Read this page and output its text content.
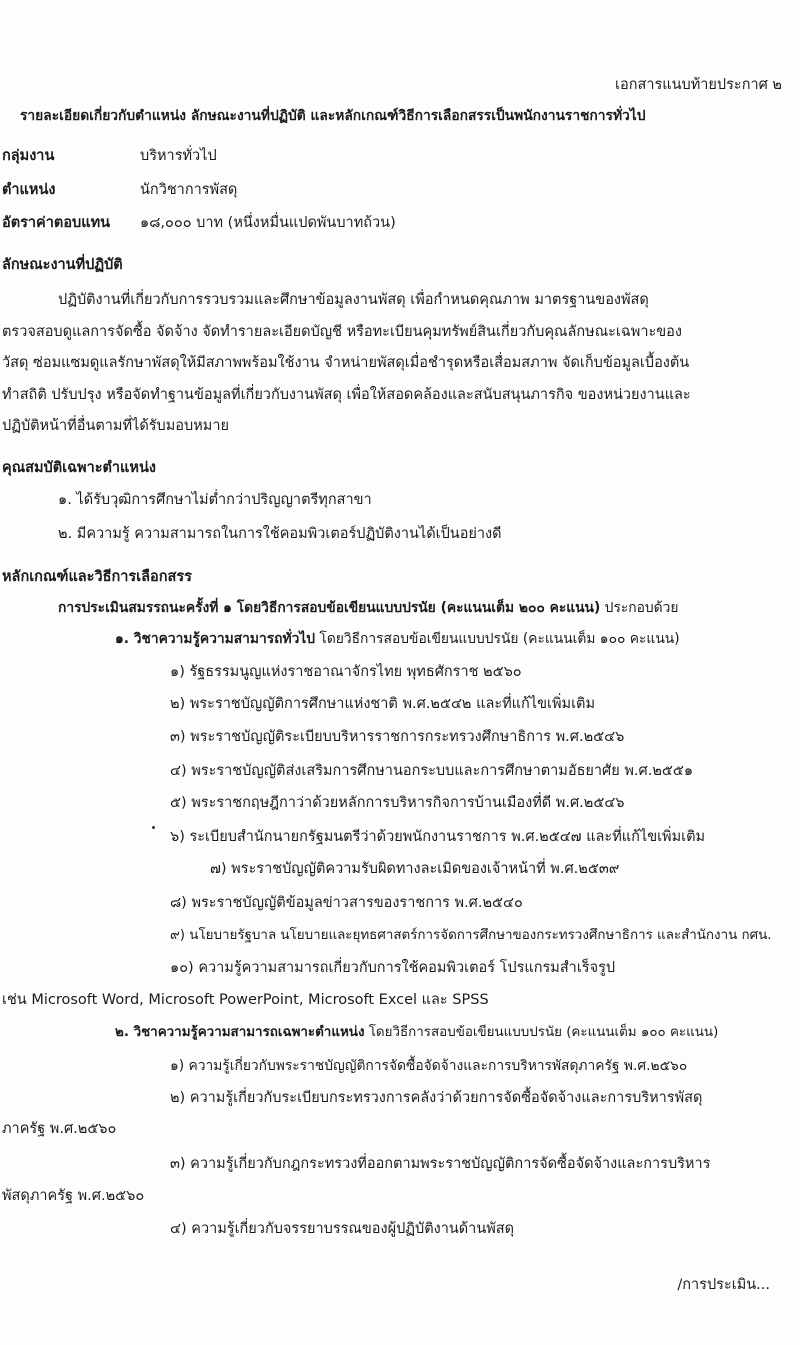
เอกสารแนบท้ายประกาศ ๒
รายละเอียดเกี่ยวกับตำแหน่ง ลักษณะงานที่ปฏิบัติ และหลักเกณฑ์วิธีการเลือกสรรเป็นพนักงานราชการทั่วไป
กลุ่มงาน	บริหารทั่วไป
ตำแหน่ง	นักวิชาการพัสดุ
อัตราค่าตอบแทน ๑๘,๐๐๐ บาท (หนึ่งหมื่นแปดพันบาทถ้วน)
ลักษณะงานที่ปฏิบัติ
ปฏิบัติงานที่เกี่ยวกับการรวบรวมและศึกษาข้อมูลงานพัสดุ เพื่อกำหนดคุณภาพ มาตรฐานของพัสดุ
ตรวจสอบดูแลการจัดซื้อ จัดจ้าง จัดทำรายละเอียดบัญชี หรือทะเบียนคุมทรัพย์สินเกี่ยวกับคุณลักษณะเฉพาะของ
วัสดุ ซ่อมแซมดูแลรักษาพัสดุให้มีสภาพพร้อมใช้งาน จำหน่ายพัสดุเมื่อชำรุดหรือเสื่อมสภาพ จัดเก็บข้อมูลเบื้องต้น
ทำสถิติ ปรับปรุง หรือจัดทำฐานข้อมูลที่เกี่ยวกับงานพัสดุ เพื่อให้สอดคล้องและสนับสนุนภารกิจ ของหน่วยงานและ
ปฏิบัติหน้าที่อื่นตามที่ได้รับมอบหมาย
คุณสมบัติเฉพาะตำแหน่ง
๑. ได้รับวุฒิการศึกษาไม่ต่ำกว่าปริญญาตรีทุกสาขา
๒. มีความรู้ ความสามารถในการใช้คอมพิวเตอร์ปฏิบัติงานได้เป็นอย่างดี
หลักเกณฑ์และวิธีการเลือกสรร
การประเมินสมรรถนะครั้งที่ ๑ โดยวิธีการสอบข้อเขียนแบบปรนัย (คะแนนเต็ม ๒๐๐ คะแนน) ประกอบด้วย
๑. วิชาความรู้ความสามารถทั่วไป โดยวิธีการสอบข้อเขียนแบบปรนัย (คะแนนเต็ม ๑๐๐ คะแนน)
๑) รัฐธรรมนูญแห่งราชอาณาจักรไทย พุทธศักราช ๒๕๖๐
๒) พระราชบัญญัติการศึกษาแห่งชาติ พ.ศ.๒๕๔๒ และที่แก้ไขเพิ่มเติม
๓) พระราชบัญญัติระเบียบบริหารราชการกระทรวงศึกษาธิการ พ.ศ.๒๕๔๖
๔) พระราชบัญญัติส่งเสริมการศึกษานอกระบบและการศึกษาตามอัธยาศัย พ.ศ.๒๕๕๑
๕) พระราชกฤษฎีกาว่าด้วยหลักการบริหารกิจการบ้านเมืองที่ดี พ.ศ.๒๕๔๖
๖) ระเบียบสำนักนายกรัฐมนตรีว่าด้วยพนักงานราชการ พ.ศ.๒๕๔๗ และที่แก้ไขเพิ่มเติม
๗) พระราชบัญญัติความรับผิดทางละเมิดของเจ้าหน้าที่ พ.ศ.๒๕๓๙
๘) พระราชบัญญัติข้อมูลข่าวสารของราชการ พ.ศ.๒๕๔๐
๙) นโยบายรัฐบาล นโยบายและยุทธศาสตร์การจัดการศึกษาของกระทรวงศึกษาธิการ และสำนักงาน กศน.
๑๐) ความรู้ความสามารถเกี่ยวกับการใช้คอมพิวเตอร์ โปรแกรมสำเร็จรูป
เช่น Microsoft Word, Microsoft PowerPoint, Microsoft Excel และ SPSS
๒. วิชาความรู้ความสามารถเฉพาะตำแหน่ง โดยวิธีการสอบข้อเขียนแบบปรนัย (คะแนนเต็ม ๑๐๐ คะแนน)
๑) ความรู้เกี่ยวกับพระราชบัญญัติการจัดซื้อจัดจ้างและการบริหารพัสดุภาครัฐ พ.ศ.๒๕๖๐
๒) ความรู้เกี่ยวกับระเบียบกระทรวงการคลังว่าด้วยการจัดซื้อจัดจ้างและการบริหารพัสดุ
ภาครัฐ พ.ศ.๒๕๖๐
๓) ความรู้เกี่ยวกับกฎกระทรวงที่ออกตามพระราชบัญญัติการจัดซื้อจัดจ้างและการบริหาร
พัสดุภาครัฐ พ.ศ.๒๕๖๐
๔) ความรู้เกี่ยวกับจรรยาบรรณของผู้ปฏิบัติงานด้านพัสดุ
/การประเมิน...
